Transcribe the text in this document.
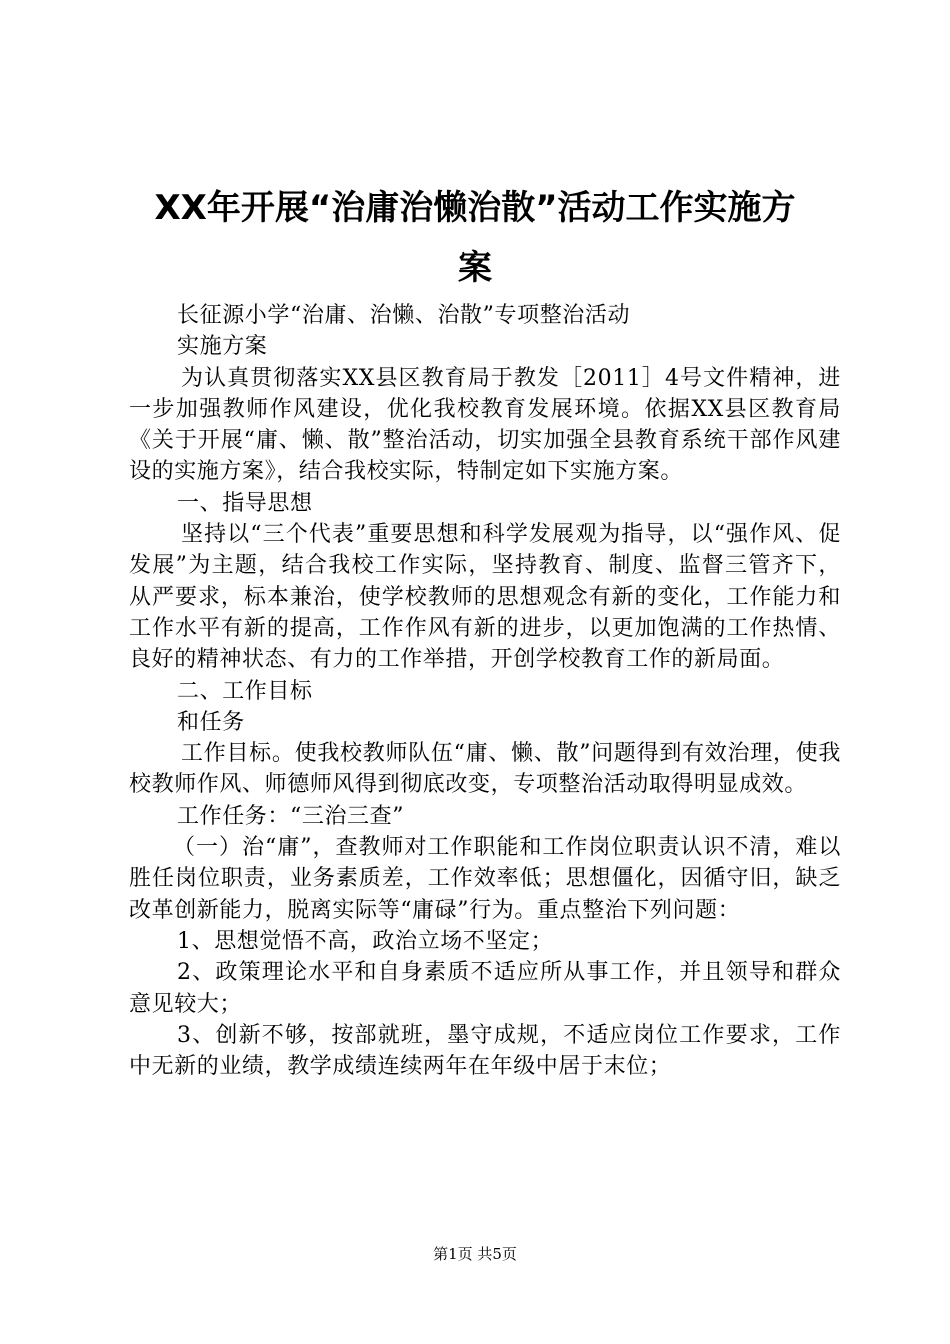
XX年开展“治庸治懒治散”活动工作实施方
案

长征源小学“治庸、治懒、治散”专项整治活动

实施方案

为认真贯彻落实XX县区教育局于教发［2011］4号文件精神，进一步加强教师作风建设，优化我校教育发展环境。依据XX县区教育局《关于开展“庸、懒、散”整治活动，切实加强全县教育系统干部作风建设的实施方案》，结合我校实际，特制定如下实施方案。

一、指导思想

坚持以“三个代表”重要思想和科学发展观为指导，以“强作风、促发展”为主题，结合我校工作实际，坚持教育、制度、监督三管齐下，从严要求，标本兼治，使学校教师的思想观念有新的变化，工作能力和工作水平有新的提高，工作作风有新的进步，以更加饱满的工作热情、良好的精神状态、有力的工作举措，开创学校教育工作的新局面。

二、工作目标

和任务

工作目标。使我校教师队伍“庸、懒、散”问题得到有效治理，使我校教师作风、师德师风得到彻底改变，专项整治活动取得明显成效。

工作任务：“三治三查”

（一）治“庸”，查教师对工作职能和工作岗位职责认识不清，难以胜任岗位职责，业务素质差，工作效率低；思想僵化，因循守旧，缺乏改革创新能力，脱离实际等“庸碌”行为。重点整治下列问题：

1、思想觉悟不高，政治立场不坚定；

2、政策理论水平和自身素质不适应所从事工作，并且领导和群众意见较大；

3、创新不够，按部就班，墨守成规，不适应岗位工作要求，工作中无新的业绩，教学成绩连续两年在年级中居于末位；

第1页 共5页
